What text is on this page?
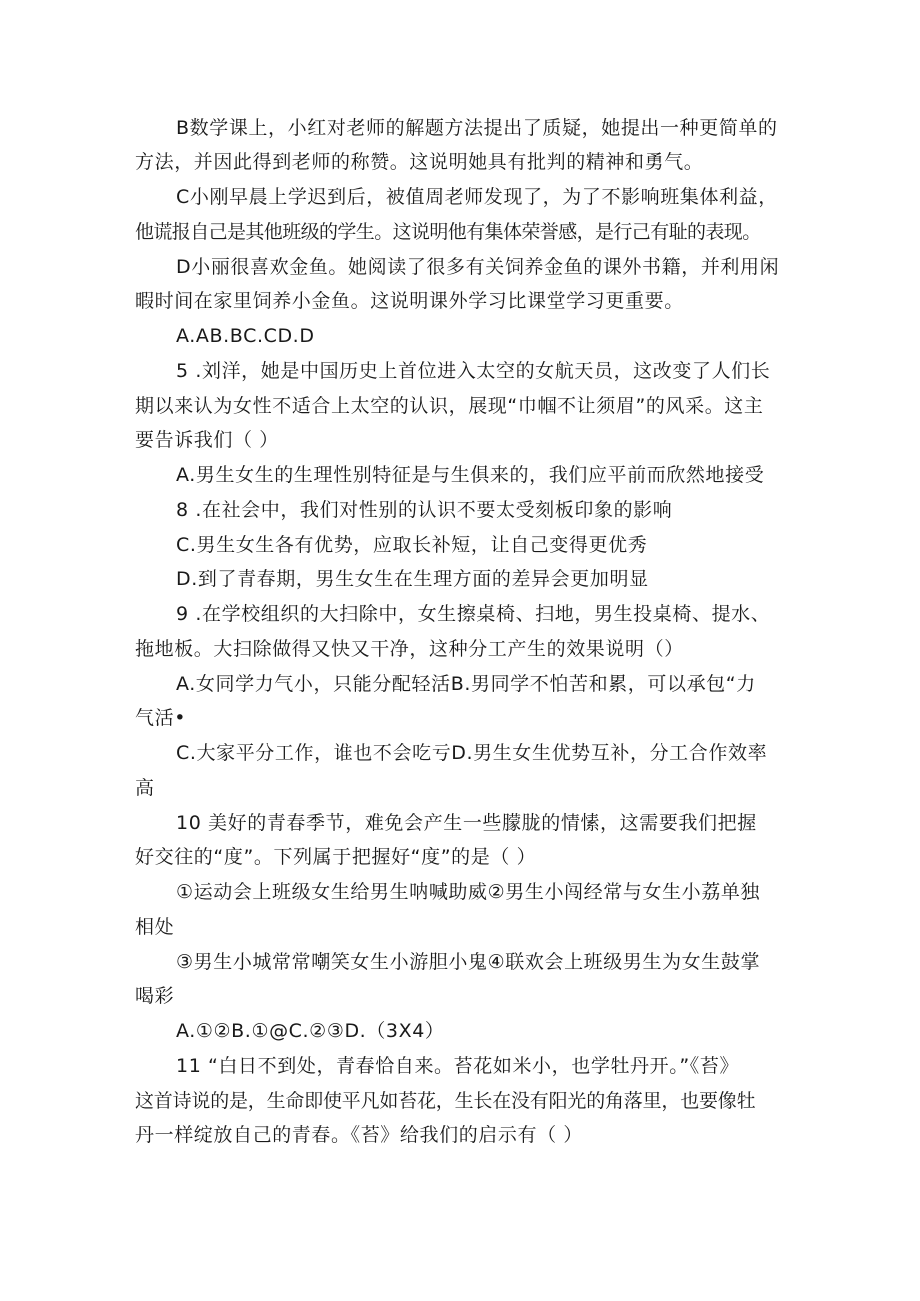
B数学课上，小红对老师的解题方法提出了质疑，她提出一种更简单的
方法，并因此得到老师的称赞。这说明她具有批判的精神和勇气。
C小刚早晨上学迟到后，被值周老师发现了，为了不影响班集体利益，
他谎报自己是其他班级的学生。这说明他有集体荣誉感，是行己有耻的表现。
D小丽很喜欢金鱼。她阅读了很多有关饲养金鱼的课外书籍，并利用闲
暇时间在家里饲养小金鱼。这说明课外学习比课堂学习更重要。
A.AB.BC.CD.D
5 .刘洋，她是中国历史上首位进入太空的女航天员，这改变了人们长
期以来认为女性不适合上太空的认识，展现“巾帼不让须眉”的风采。这主
要告诉我们（ ）
A.男生女生的生理性别特征是与生俱来的，我们应平前而欣然地接受
8 .在社会中，我们对性别的认识不要太受刻板印象的影响
C.男生女生各有优势，应取长补短，让自己变得更优秀
D.到了青春期，男生女生在生理方面的差异会更加明显
9 .在学校组织的大扫除中，女生擦桌椅、扫地，男生投桌椅、提水、
拖地板。大扫除做得又快又干净，这种分工产生的效果说明（）
A.女同学力气小，只能分配轻活B.男同学不怕苦和累，可以承包“力
气活•
C.大家平分工作，谁也不会吃亏D.男生女生优势互补，分工合作效率
高
10 美好的青春季节，难免会产生一些朦胧的情愫，这需要我们把握
好交往的“度”。下列属于把握好“度”的是（ ）
①运动会上班级女生给男生呐喊助威②男生小闯经常与女生小荔单独
相处
③男生小城常常嘲笑女生小游胆小鬼④联欢会上班级男生为女生鼓掌
喝彩
A.①②B.①@C.②③D.（3X4）
11 “白日不到处，青春恰自来。苔花如米小，也学牡丹开。”《苔》
这首诗说的是，生命即使平凡如苔花，生长在没有阳光的角落里，也要像牡
丹一样绽放自己的青春。《苔》给我们的启示有（ ）
